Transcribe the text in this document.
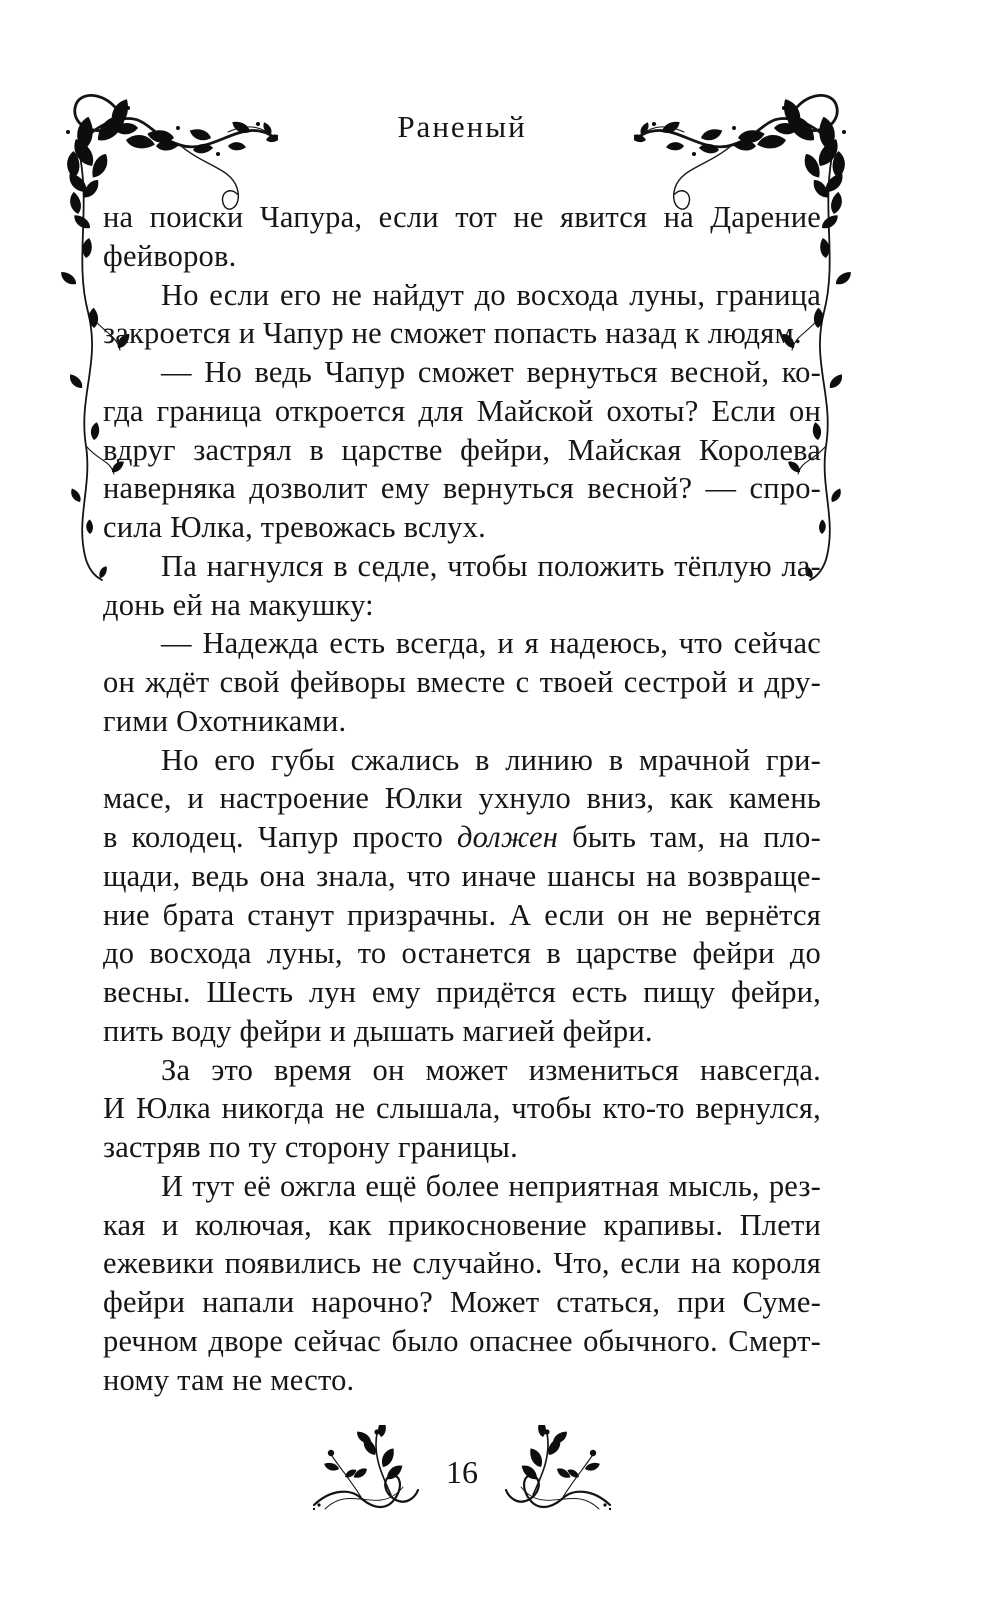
Раненый
на поиски Чапура, если тот не явится на Дарение
фейворов.
Но если его не найдут до восхода луны, граница
закроется и Чапур не сможет попасть назад к людям.
— Но ведь Чапур сможет вернуться весной, ко-
гда граница откроется для Майской охоты? Если он
вдруг застрял в царстве фейри, Майская Королева
наверняка дозволит ему вернуться весной? — спро-
сила Юлка, тревожась вслух.
Па нагнулся в седле, чтобы положить тёплую ла-
донь ей на макушку:
— Надежда есть всегда, и я надеюсь, что сейчас
он ждёт свой фейворы вместе с твоей сестрой и дру-
гими Охотниками.
Но его губы сжались в линию в мрачной гри-
масе, и настроение Юлки ухнуло вниз, как камень
в колодец. Чапур просто должен быть там, на пло-
щади, ведь она знала, что иначе шансы на возвраще-
ние брата станут призрачны. А если он не вернётся
до восхода луны, то останется в царстве фейри до
весны. Шесть лун ему придётся есть пищу фейри,
пить воду фейри и дышать магией фейри.
За это время он может измениться навсегда.
И Юлка никогда не слышала, чтобы кто-то вернулся,
застряв по ту сторону границы.
И тут её ожгла ещё более неприятная мысль, рез-
кая и колючая, как прикосновение крапивы. Плети
ежевики появились не случайно. Что, если на короля
фейри напали нарочно? Может статься, при Суме-
речном дворе сейчас было опаснее обычного. Смерт-
ному там не место.
16
